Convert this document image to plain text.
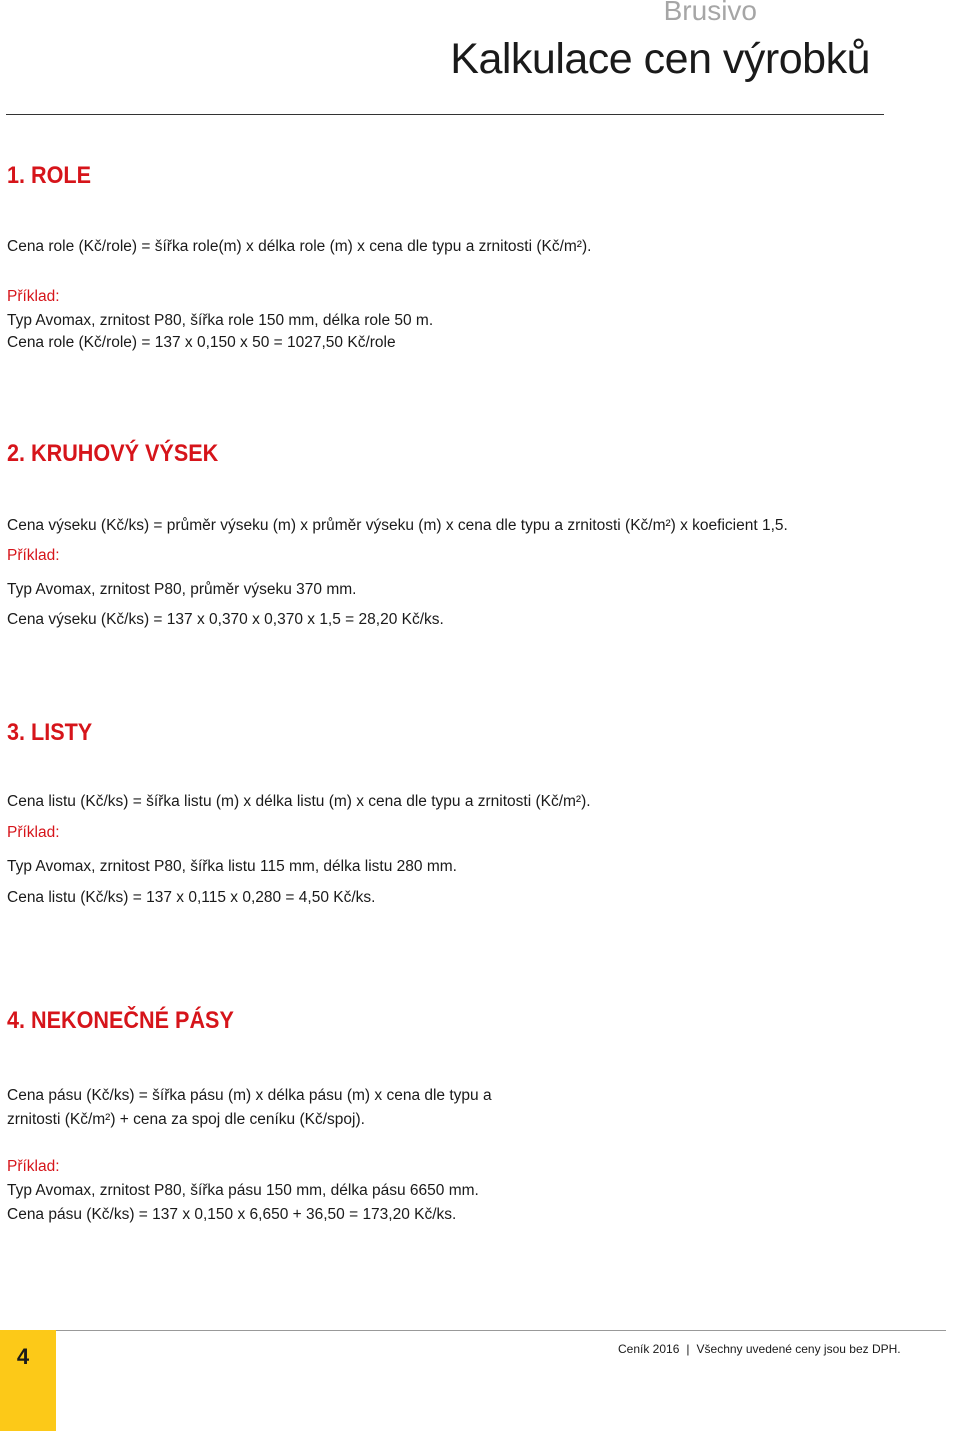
Brusivo
Kalkulace cen výrobků
1. ROLE

Cena role (Kč/role) = šířka role(m) x délka role (m) x cena dle typu a zrnitosti (Kč/m²).

Příklad:

Typ Avomax, zrnitost P80, šířka role 150 mm, délka role 50 m.

Cena role (Kč/role) = 137 x 0,150 x 50 = 1027,50 Kč/role

2. KRUHOVÝ VÝSEK

Cena výseku (Kč/ks) = průměr výseku (m) x průměr výseku (m) x cena dle typu a zrnitosti (Kč/m²) x koeficient 1,5.

Příklad:

Typ Avomax, zrnitost P80, průměr výseku 370 mm.

Cena výseku (Kč/ks) = 137 x 0,370 x 0,370 x 1,5 = 28,20 Kč/ks.

3. LISTY

Cena listu (Kč/ks) = šířka listu (m) x délka listu (m) x cena dle typu a zrnitosti (Kč/m²).

Příklad:

Typ Avomax, zrnitost P80, šířka listu 115 mm, délka listu 280 mm.

Cena listu (Kč/ks) = 137 x 0,115 x 0,280 = 4,50 Kč/ks.

4. NEKONEČNÉ PÁSY

Cena pásu (Kč/ks) = šířka pásu (m) x délka pásu (m) x cena dle typu a

zrnitosti (Kč/m²) + cena za spoj dle ceníku (Kč/spoj).

Příklad:

Typ Avomax, zrnitost P80, šířka pásu 150 mm, délka pásu 6650 mm.

Cena pásu (Kč/ks) = 137 x 0,150 x 6,650 + 36,50 = 173,20 Kč/ks.

4	Ceník 2016 | Všechny uvedené ceny jsou bez DPH.
